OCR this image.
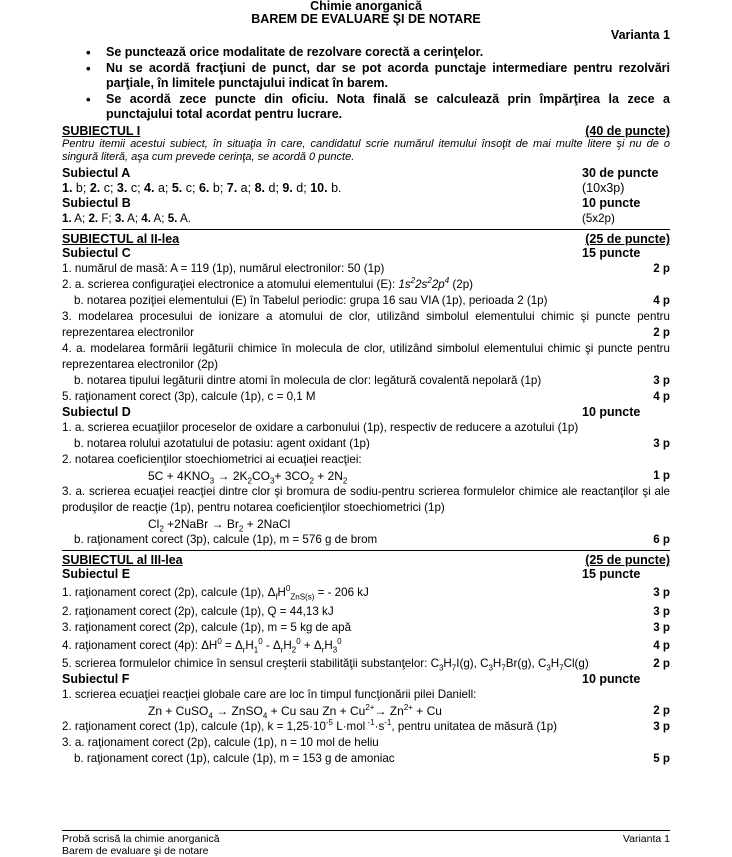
Chimie anorganică
BAREM DE EVALUARE ŞI DE NOTARE
Varianta 1
• Se punctează orice modalitate de rezolvare corectă a cerinţelor.
• Nu se acordă fracţiuni de punct, dar se pot acorda punctaje intermediare pentru rezolvări parţiale, în limitele punctajului indicat în barem.
• Se acordă zece puncte din oficiu. Nota finală se calculează prin împărţirea la zece a punctajului total acordat pentru lucrare.
SUBIECTUL I	(40 de puncte)
Pentru itemii acestui subiect, în situaţia în care, candidatul scrie numărul itemului însoţit de mai multe litere şi nu de o singură literă, aşa cum prevede cerinţa, se acordă 0 puncte.
Subiectul A	30 de puncte
1. b; 2. c; 3. c; 4. a; 5. c; 6. b; 7. a; 8. d; 9. d; 10. b.	(10x3p)
Subiectul B	10 puncte
1. A; 2. F; 3. A; 4. A; 5. A.	(5x2p)
SUBIECTUL al II-lea	(25 de puncte)
Subiectul C	15 puncte
1. numărul de masă: A = 119 (1p), numărul electronilor: 50 (1p)	2 p
2. a. scrierea configuraţiei electronice a atomului elementului (E): $1s^22s^22p^4$ (2p)
b. notarea poziţiei elementului (E) în Tabelul periodic: grupa 16 sau VIA (1p), perioada 2 (1p)	4 p
3. modelarea procesului de ionizare a atomului de clor, utilizând simbolul elementului chimic şi puncte pentru reprezentarea electronilor	2 p
4. a. modelarea formării legăturii chimice în molecula de clor, utilizând simbolul elementului chimic şi puncte pentru reprezentarea electronilor (2p)
b. notarea tipului legăturii dintre atomi în molecula de clor: legătură covalentă nepolară (1p)	3 p
5. raţionament corect (3p), calcule (1p), c = 0,1 M	4 p
Subiectul D	10 puncte
1. a. scrierea ecuaţiilor proceselor de oxidare a carbonului (1p), respectiv de reducere a azotului (1p)
b. notarea rolului azotatului de potasiu: agent oxidant (1p)	3 p
2. notarea coeficienţilor stoechiometrici ai ecuaţiei reacţiei:
$5C + 4KNO_3 \to 2K_2CO_3+ 3CO_2 + 2N_2$	1 p
3. a. scrierea ecuaţiei reacţiei dintre clor şi bromura de sodiu-pentru scrierea formulelor chimice ale reactanţilor şi ale produşilor de reacţie (1p), pentru notarea coeficienţilor stoechiometrici (1p)
$Cl_2$ +2NaBr → $Br_2$ + 2NaCl
b. raţionament corect (3p), calcule (1p), m = 576 g de brom	6 p
SUBIECTUL al III-lea	(25 de puncte)
Subiectul E	15 puncte
1. raţionament corect (2p), calcule (1p), $\Delta_fH^0_{ZnS(s)}$ = - 206 kJ	3 p
2. raţionament corect (2p), calcule (1p), Q = 44,13 kJ	3 p
3. raţionament corect (2p), calcule (1p), m = 5 kg de apă	3 p
4. raţionament corect (4p): $\Delta H^0 = \Delta_rH_1^0 - \Delta_rH_2^0 + \Delta_rH_3^0$	4 p
5. scrierea formulelor chimice în sensul creşterii stabilităţii substanţelor: $C_3H_7I(g)$, $C_3H_7Br(g)$, $C_3H_7Cl(g)$	2 p
Subiectul F	10 puncte
1. scrierea ecuaţiei reacţiei globale care are loc în timpul funcţionării pilei Daniell:
Zn + CuSO$_4$ → ZnSO$_4$ + Cu sau $Zn + Cu^{2+}\to Zn^{2+} + Cu$	2 p
2. raţionament corect (1p), calcule (1p), $k = 1,25\cdot 10^{-5}$ L·mol $^{-1}\cdot s^{-1}$, pentru unitatea de măsură (1p)	3 p
3. a. raţionament corect (2p), calcule (1p), n = 10 mol de heliu
b. raţionament corect (1p), calcule (1p), m = 153 g de amoniac	5 p
Probă scrisă la chimie anorganică	Varianta 1
Barem de evaluare şi de notare
